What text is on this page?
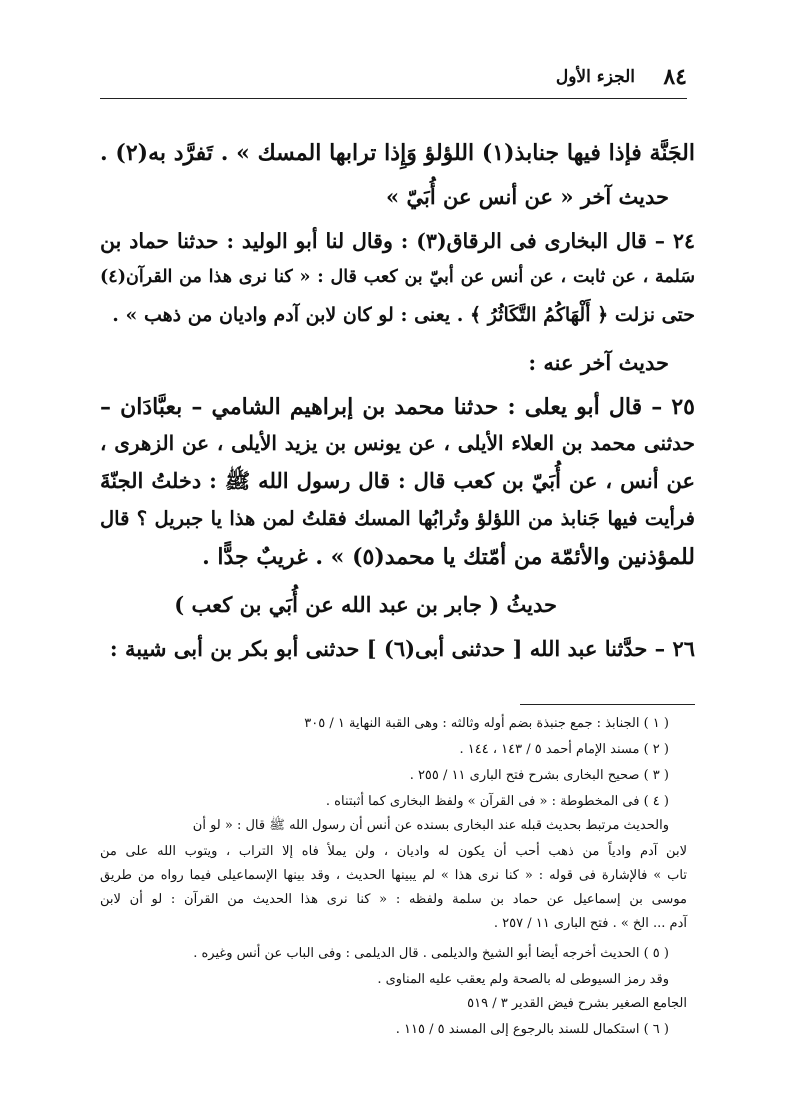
٨٤
الجزء الأول
الجَنَّة فإذا فيها جنابذ(١) اللؤلؤ وَإِذا ترابها المسك » . تَفرَّد به(٢) .
حديث آخر « عن أنس عن أُبَيّ »
٢٤ – قال البخارى فى الرقاق(٣) : وقال لنا أبو الوليد : حدثنا حماد بن
سَلمة ، عن ثابت ، عن أنس عن أبيّ بن كعب قال : « كنا نرى هذا من القرآن(٤)
حتى نزلت ﴿ أَلْهَاكُمُ التَّكَاثُرُ ﴾ . يعنى : لو كان لابن آدم واديان من ذهب » .
حديث آخر عنه :
٢٥ – قال أبو يعلى : حدثنا محمد بن إبراهيم الشامي – بعبَّادَان –
حدثنى محمد بن العلاء الأيلى ، عن يونس بن يزيد الأيلى ، عن الزهرى ،
عن أنس ، عن أُبَيّ بن كعب قال : قال رسول الله ﷺ : دخلتُ الجنّةَ
فرأيت فيها جَنابذ من اللؤلؤ وتُرابُها المسك فقلتُ لمن هذا يا جبريل ؟ قال
للمؤذنين والأئمّة من أمّتك يا محمد(٥) » . غريبٌ جدًّا .
حديثُ ( جابر بن عبد الله عن أُبَي بن كعب )
٢٦ – حدَّثنا عبد الله [ حدثنى أبى(٦) ] حدثنى أبو بكر بن أبى شيبة :
( ١ ) الجنابذ : جمع جنبذة بضم أوله وثالثه : وهى القبة النهاية ١ / ٣٠٥
( ٢ ) مسند الإمام أحمد ٥ / ١٤٣ ، ١٤٤ .
( ٣ ) صحيح البخارى بشرح فتح البارى ١١ / ٢٥٥ .
( ٤ ) فى المخطوطة : « فى القرآن » ولفظ البخارى كما أثبتناه .
والحديث مرتبط بحديث قبله عند البخارى بسنده عن أنس أن رسول الله ﷺ قال : « لو أن
لابن آدم وادياً من ذهب أحب أن يكون له واديان ، ولن يملأ فاه إلا التراب ، ويتوب الله على من
تاب » فالإشارة فى قوله : « كنا نرى هذا » لم يبينها الحديث ، وقد بينها الإسماعيلى فيما رواه من طريق
موسى بن إسماعيل عن حماد بن سلمة ولفظه : « كنا نرى هذا الحديث من القرآن : لو أن لابن
آدم ... الخ » . فتح البارى ١١ / ٢٥٧ .
( ٥ ) الحديث أخرجه أيضا أبو الشيخ والديلمى . قال الديلمى : وفى الباب عن أنس وغيره .
وقد رمز السيوطى له بالصحة ولم يعقب عليه المناوى .
الجامع الصغير بشرح فيض القدير ٣ / ٥١٩
( ٦ ) استكمال للسند بالرجوع إلى المسند ٥ / ١١٥ .
